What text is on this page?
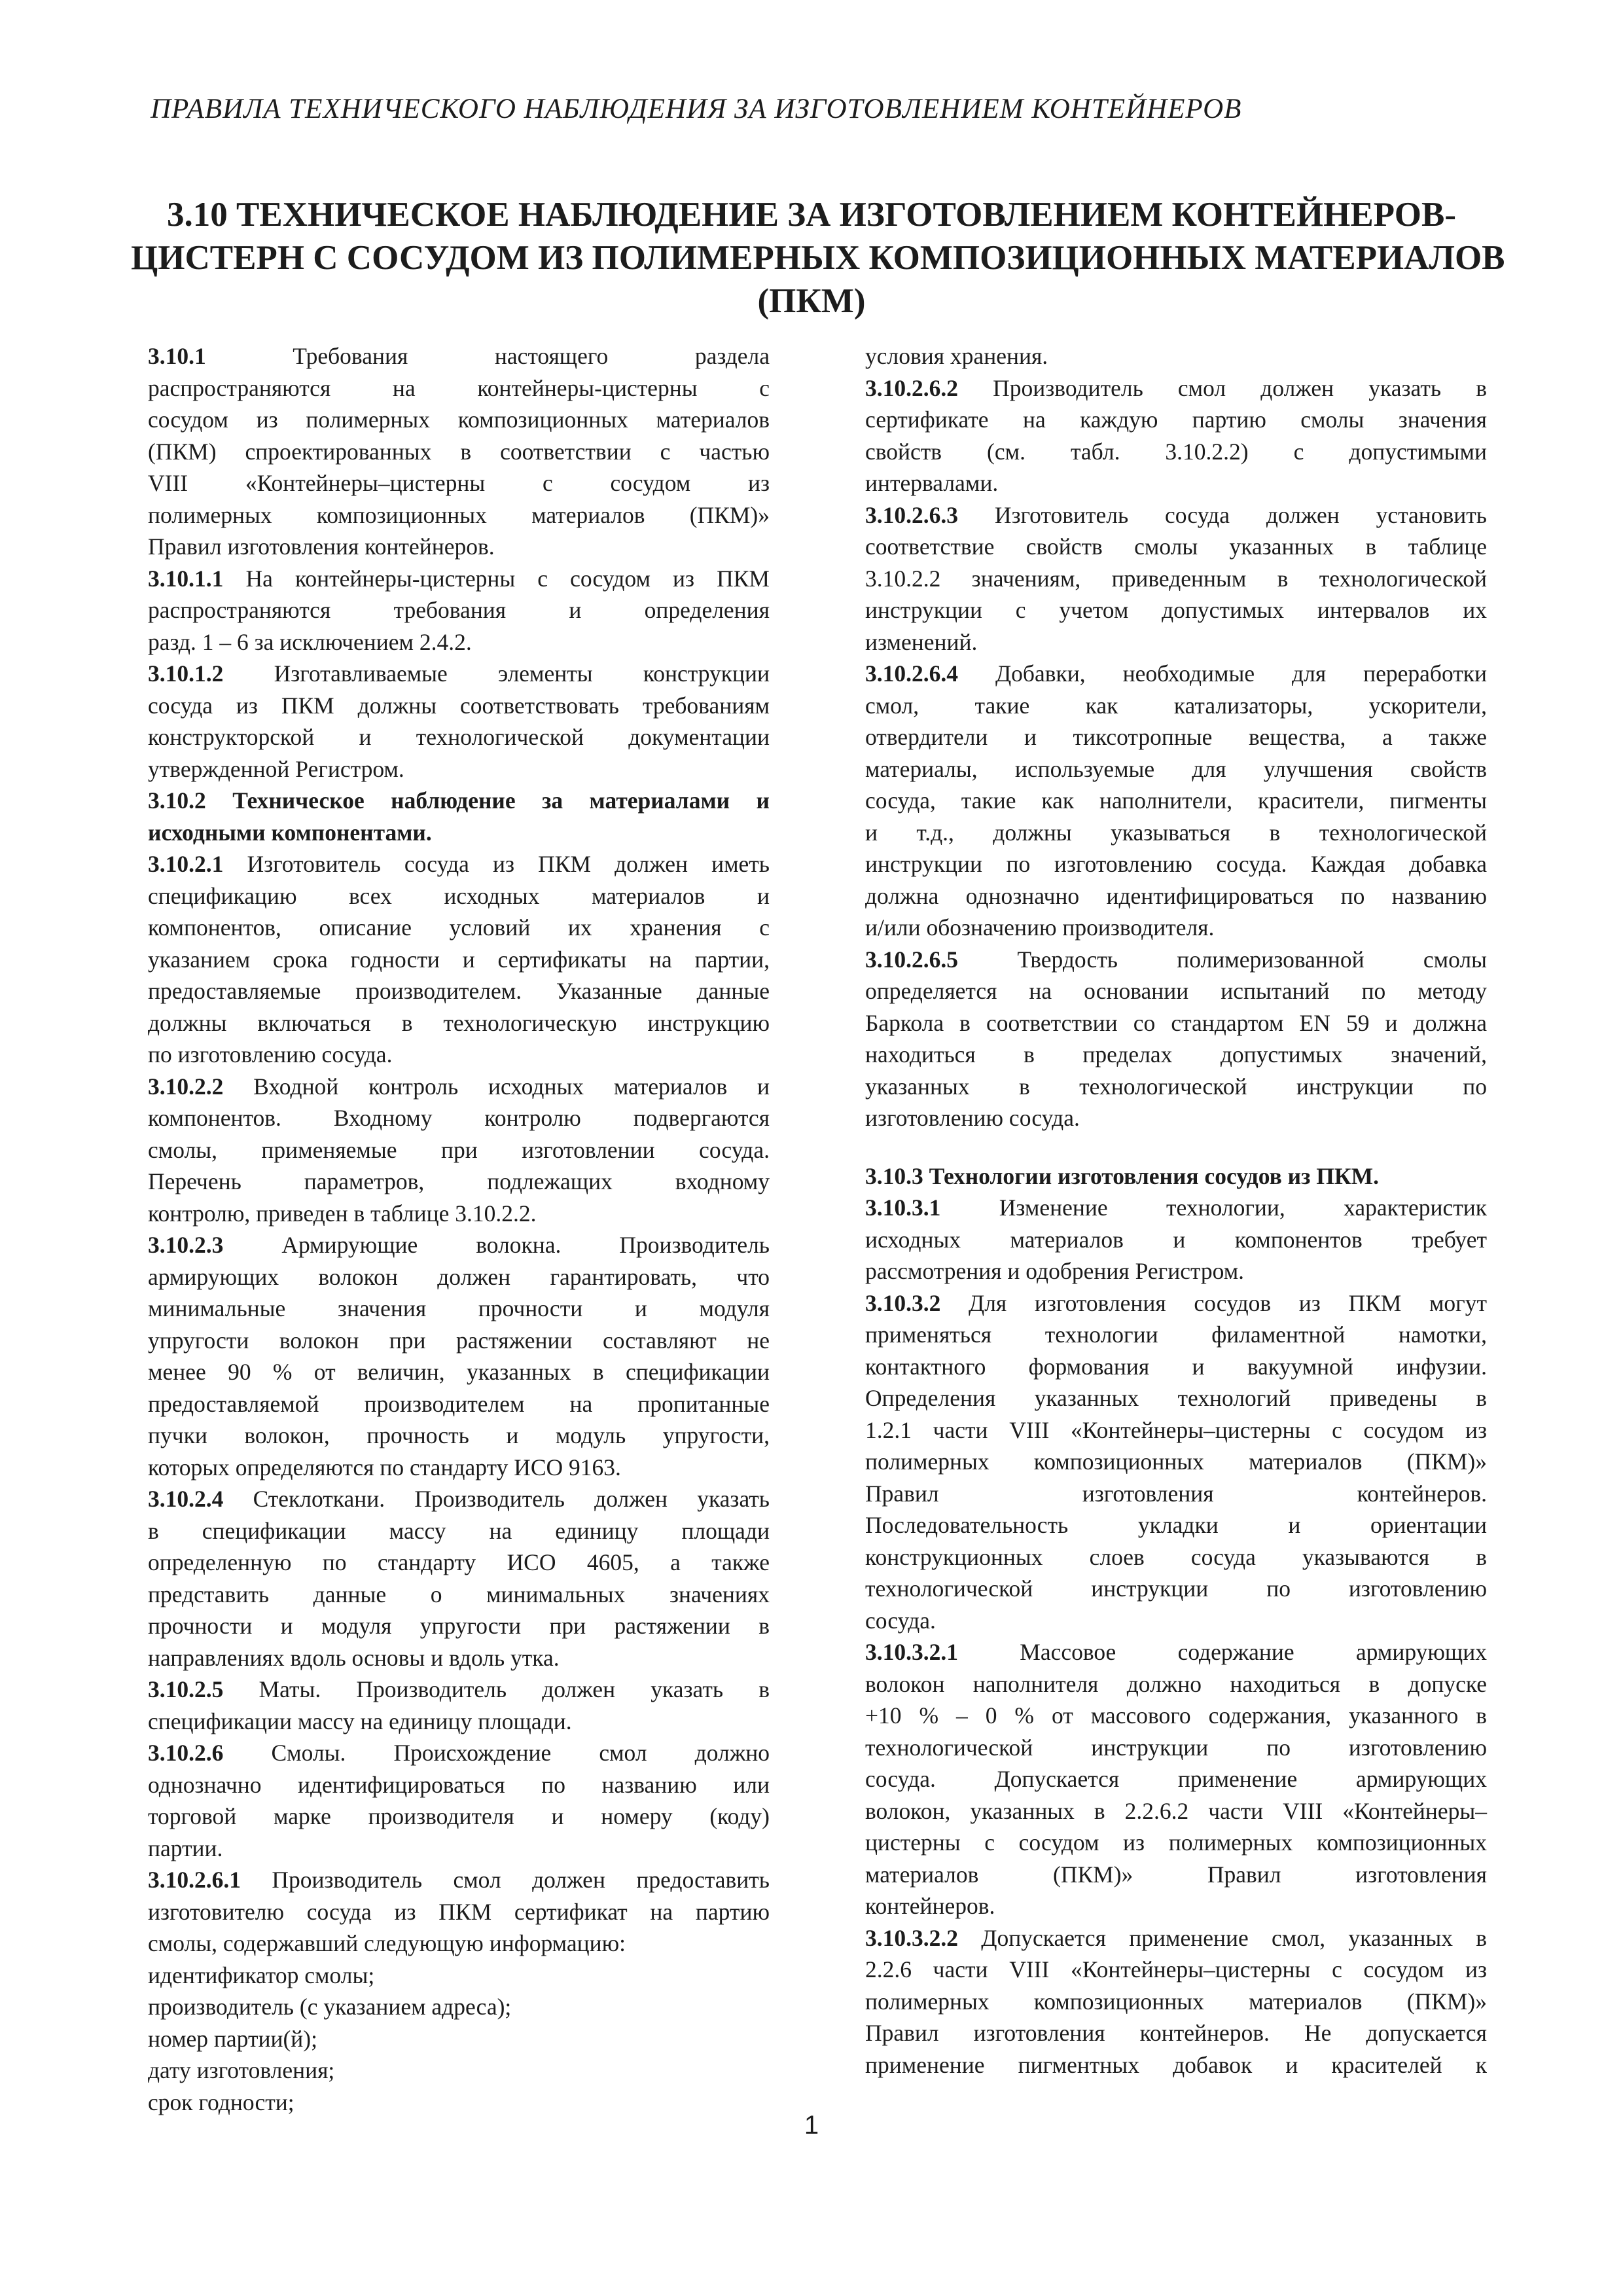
ПРАВИЛА ТЕХНИЧЕСКОГО НАБЛЮДЕНИЯ ЗА ИЗГОТОВЛЕНИЕМ КОНТЕЙНЕРОВ
3.10 ТЕХНИЧЕСКОЕ НАБЛЮДЕНИЕ ЗА ИЗГОТОВЛЕНИЕМ КОНТЕЙНЕРОВ-
ЦИСТЕРН С СОСУДОМ ИЗ ПОЛИМЕРНЫХ КОМПОЗИЦИОННЫХ МАТЕРИАЛОВ
(ПКМ)
3.10.1 Требования настоящего раздела
распространяются на контейнеры-цистерны с
сосудом из полимерных композиционных материалов
(ПКМ) спроектированных в соответствии с частью
VIII «Контейнеры–цистерны с сосудом из
полимерных композиционных материалов (ПКМ)»
Правил изготовления контейнеров.
3.10.1.1 На контейнеры-цистерны с сосудом из ПКМ
распространяются требования и определения
разд. 1 – 6 за исключением 2.4.2.
3.10.1.2 Изготавливаемые элементы конструкции
сосуда из ПКМ должны соответствовать требованиям
конструкторской и технологической документации
утвержденной Регистром.
3.10.2 Техническое наблюдение за материалами и
исходными компонентами.
3.10.2.1 Изготовитель сосуда из ПКМ должен иметь
спецификацию всех исходных материалов и
компонентов, описание условий их хранения с
указанием срока годности и сертификаты на партии,
предоставляемые производителем. Указанные данные
должны включаться в технологическую инструкцию
по изготовлению сосуда.
3.10.2.2 Входной контроль исходных материалов и
компонентов. Входному контролю подвергаются
смолы, применяемые при изготовлении сосуда.
Перечень параметров, подлежащих входному
контролю, приведен в таблице 3.10.2.2.
3.10.2.3 Армирующие волокна. Производитель
армирующих волокон должен гарантировать, что
минимальные значения прочности и модуля
упругости волокон при растяжении составляют не
менее 90 % от величин, указанных в спецификации
предоставляемой производителем на пропитанные
пучки волокон, прочность и модуль упругости,
которых определяются по стандарту ИСО 9163.
3.10.2.4 Стеклоткани. Производитель должен указать
в спецификации массу на единицу площади
определенную по стандарту ИСО 4605, а также
представить данные о минимальных значениях
прочности и модуля упругости при растяжении в
направлениях вдоль основы и вдоль утка.
3.10.2.5 Маты. Производитель должен указать в
спецификации массу на единицу площади.
3.10.2.6 Смолы. Происхождение смол должно
однозначно идентифицироваться по названию или
торговой марке производителя и номеру (коду)
партии.
3.10.2.6.1 Производитель смол должен предоставить
изготовителю сосуда из ПКМ сертификат на партию
смолы, содержавший следующую информацию:
идентификатор смолы;
производитель (с указанием адреса);
номер партии(й);
дату изготовления;
срок годности;
условия хранения.
3.10.2.6.2 Производитель смол должен указать в
сертификате на каждую партию смолы значения
свойств (см. табл. 3.10.2.2) с допустимыми
интервалами.
3.10.2.6.3 Изготовитель сосуда должен установить
соответствие свойств смолы указанных в таблице
3.10.2.2 значениям, приведенным в технологической
инструкции с учетом допустимых интервалов их
изменений.
3.10.2.6.4 Добавки, необходимые для переработки
смол, такие как катализаторы, ускорители,
отвердители и тиксотропные вещества, а также
материалы, используемые для улучшения свойств
сосуда, такие как наполнители, красители, пигменты
и т.д., должны указываться в технологической
инструкции по изготовлению сосуда. Каждая добавка
должна однозначно идентифицироваться по названию
и/или обозначению производителя.
3.10.2.6.5 Твердость полимеризованной смолы
определяется на основании испытаний по методу
Баркола в соответствии со стандартом EN 59 и должна
находиться в пределах допустимых значений,
указанных в технологической инструкции по
изготовлению сосуда.
3.10.3 Технологии изготовления сосудов из ПКМ.
3.10.3.1 Изменение технологии, характеристик
исходных материалов и компонентов требует
рассмотрения и одобрения Регистром.
3.10.3.2 Для изготовления сосудов из ПКМ могут
применяться технологии филаментной намотки,
контактного формования и вакуумной инфузии.
Определения указанных технологий приведены в
1.2.1 части VIII «Контейнеры–цистерны с сосудом из
полимерных композиционных материалов (ПКМ)»
Правил изготовления контейнеров.
Последовательность укладки и ориентации
конструкционных слоев сосуда указываются в
технологической инструкции по изготовлению
сосуда.
3.10.3.2.1 Массовое содержание армирующих
волокон наполнителя должно находиться в допуске
+10 % – 0 % от массового содержания, указанного в
технологической инструкции по изготовлению
сосуда. Допускается применение армирующих
волокон, указанных в 2.2.6.2 части VIII «Контейнеры–
цистерны с сосудом из полимерных композиционных
материалов (ПКМ)» Правил изготовления
контейнеров.
3.10.3.2.2 Допускается применение смол, указанных в
2.2.6 части VIII «Контейнеры–цистерны с сосудом из
полимерных композиционных материалов (ПКМ)»
Правил изготовления контейнеров. Не допускается
применение пигментных добавок и красителей к
1
